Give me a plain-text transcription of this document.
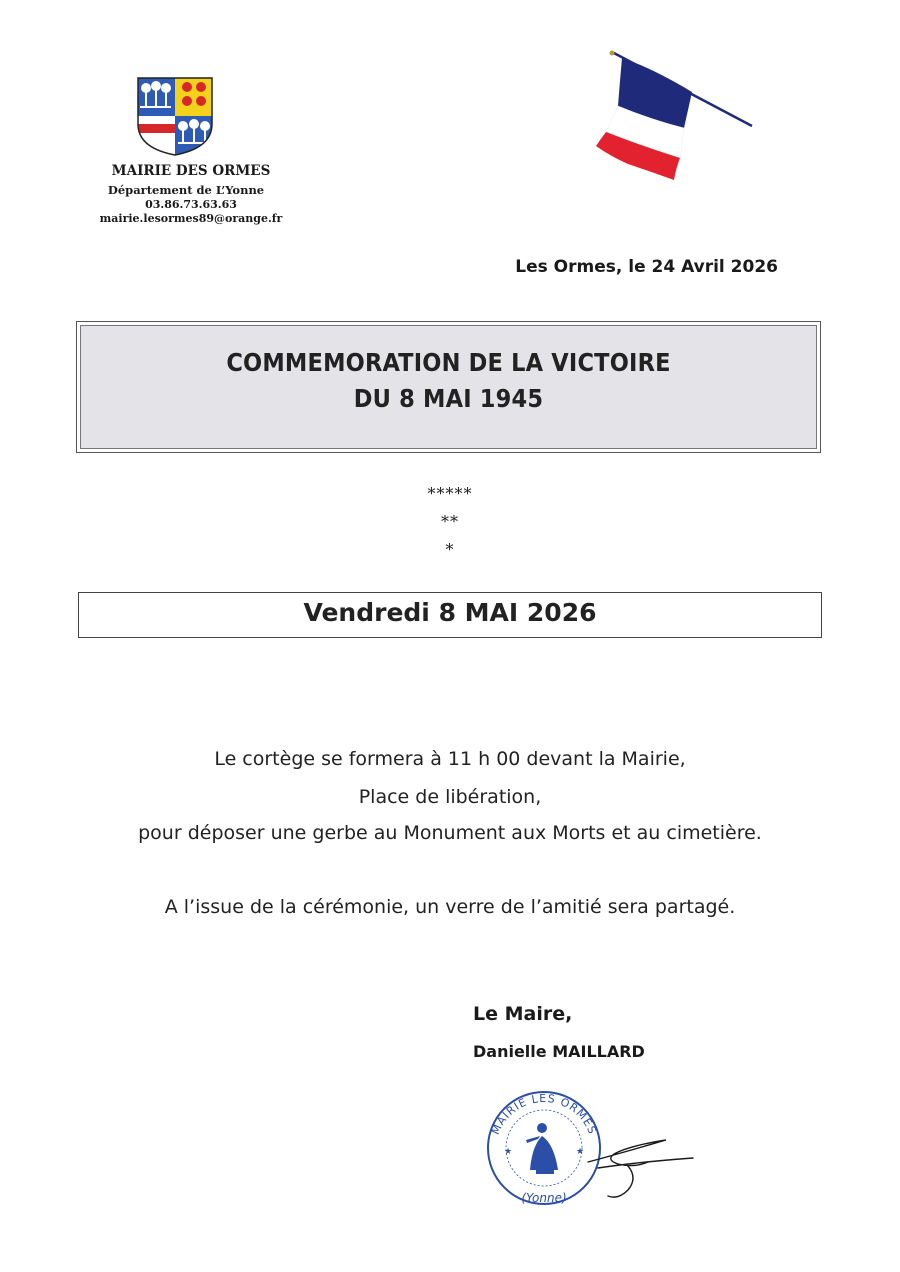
MAIRIE DES ORMES
Département de L’Yonne
03.86.73.63.63
mairie.lesormes89@orange.fr
Les Ormes, le 24 Avril 2026
COMMEMORATION DE LA VICTOIRE
DU 8 MAI 1945
*****
**
*
Vendredi 8 MAI 2026
Le cortège se formera à 11 h 00 devant la Mairie,
Place de libération,
pour déposer une gerbe au Monument aux Morts et au cimetière.
A l’issue de la cérémonie, un verre de l’amitié sera partagé.
Le Maire,
Danielle MAILLARD
MAIRIE LES ORMES
(Yonne)
★	★
